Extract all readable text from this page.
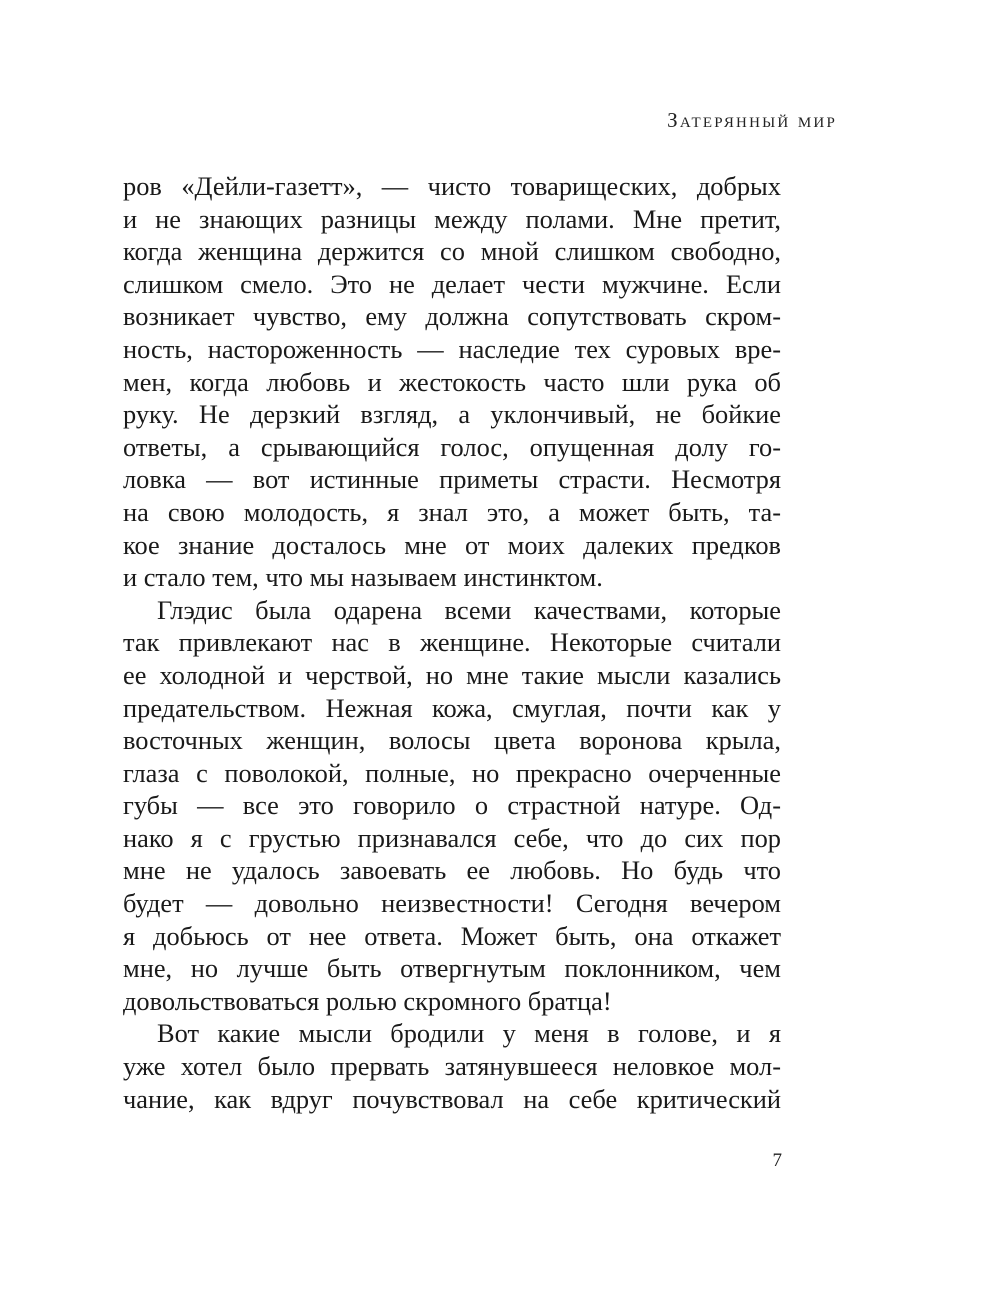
Затерянный мир
ров «Дейли-газетт», — чисто товарищеских, добрых
и не знающих разницы между полами. Мне претит,
когда женщина держится со мной слишком свободно,
слишком смело. Это не делает чести мужчине. Если
возникает чувство, ему должна сопутствовать скром-
ность, настороженность — наследие тех суровых вре-
мен, когда любовь и жестокость часто шли рука об
руку. Не дерзкий взгляд, а уклончивый, не бойкие
ответы, а срывающийся голос, опущенная долу го-
ловка — вот истинные приметы страсти. Несмотря
на свою молодость, я знал это, а может быть, та-
кое знание досталось мне от моих далеких предков
и стало тем, что мы называем инстинктом.
Глэдис была одарена всеми качествами, которые
так привлекают нас в женщине. Некоторые считали
ее холодной и черствой, но мне такие мысли казались
предательством. Нежная кожа, смуглая, почти как у
восточных женщин, волосы цвета воронова крыла,
глаза с поволокой, полные, но прекрасно очерченные
губы — все это говорило о страстной натуре. Од-
нако я с грустью признавался себе, что до сих пор
мне не удалось завоевать ее любовь. Но будь что
будет — довольно неизвестности! Сегодня вечером
я добьюсь от нее ответа. Может быть, она откажет
мне, но лучше быть отвергнутым поклонником, чем
довольствоваться ролью скромного братца!
Вот какие мысли бродили у меня в голове, и я
уже хотел было прервать затянувшееся неловкое мол-
чание, как вдруг почувствовал на себе критический
7
